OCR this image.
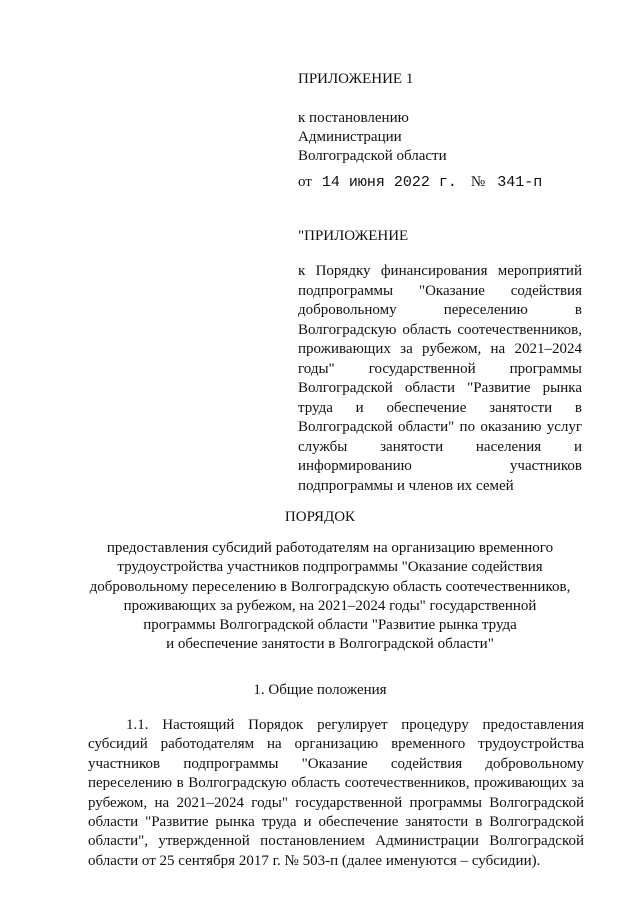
ПРИЛОЖЕНИЕ 1
к постановлению
Администрации
Волгоградской области
от 14 июня 2022 г. № 341-п
"ПРИЛОЖЕНИЕ
к Порядку финансирования мероприятий подпрограммы "Оказание содействия добровольному переселению в Волгоградскую область соотечественников, проживающих за рубежом, на 2021–2024 годы" государственной программы Волгоградской области "Развитие рынка труда и обеспечение занятости в Волгоградской области" по оказанию услуг службы занятости населения и информированию участников подпрограммы и членов их семей
ПОРЯДОК
предоставления субсидий работодателям на организацию временного
трудоустройства участников подпрограммы "Оказание содействия
добровольному переселению в Волгоградскую область соотечественников,
проживающих за рубежом, на 2021–2024 годы" государственной
программы Волгоградской области "Развитие рынка труда
и обеспечение занятости в Волгоградской области"
1. Общие положения
1.1. Настоящий Порядок регулирует процедуру предоставления субсидий работодателям на организацию временного трудоустройства участников подпрограммы "Оказание содействия добровольному переселению в Волгоградскую область соотечественников, проживающих за рубежом, на 2021–2024 годы" государственной программы Волгоградской области "Развитие рынка труда и обеспечение занятости в Волгоградской области", утвержденной постановлением Администрации Волгоградской области от 25 сентября 2017 г. № 503-п (далее именуются – субсидии).
